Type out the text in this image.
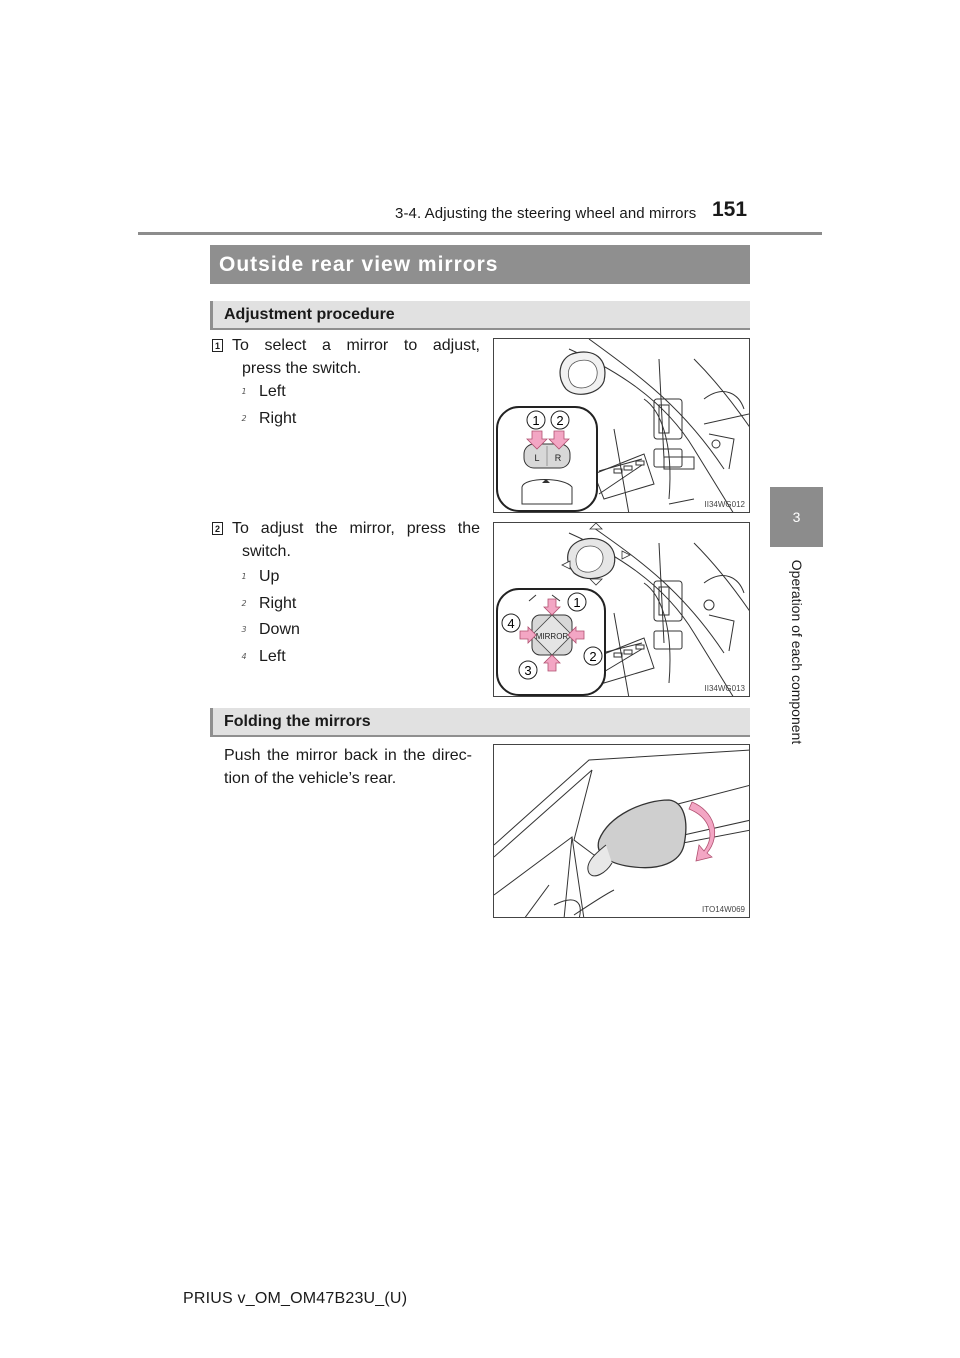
3-4. Adjusting the steering wheel and mirrors 151
3
Operation of each component
Outside rear view mirrors
Adjustment procedure
1 To select a mirror to adjust,
press the switch.
1 Left
2 Right
L R
1 2
II34WG012
2 To adjust the mirror, press the
switch.
1 Up
2 Right
3 Down
4 Left
MIRROR
1
2
3
4
II34WG013
Folding the mirrors
Push the mirror back in the direc-
tion of the vehicle’s rear.
ITO14W069
PRIUS v_OM_OM47B23U_(U)
